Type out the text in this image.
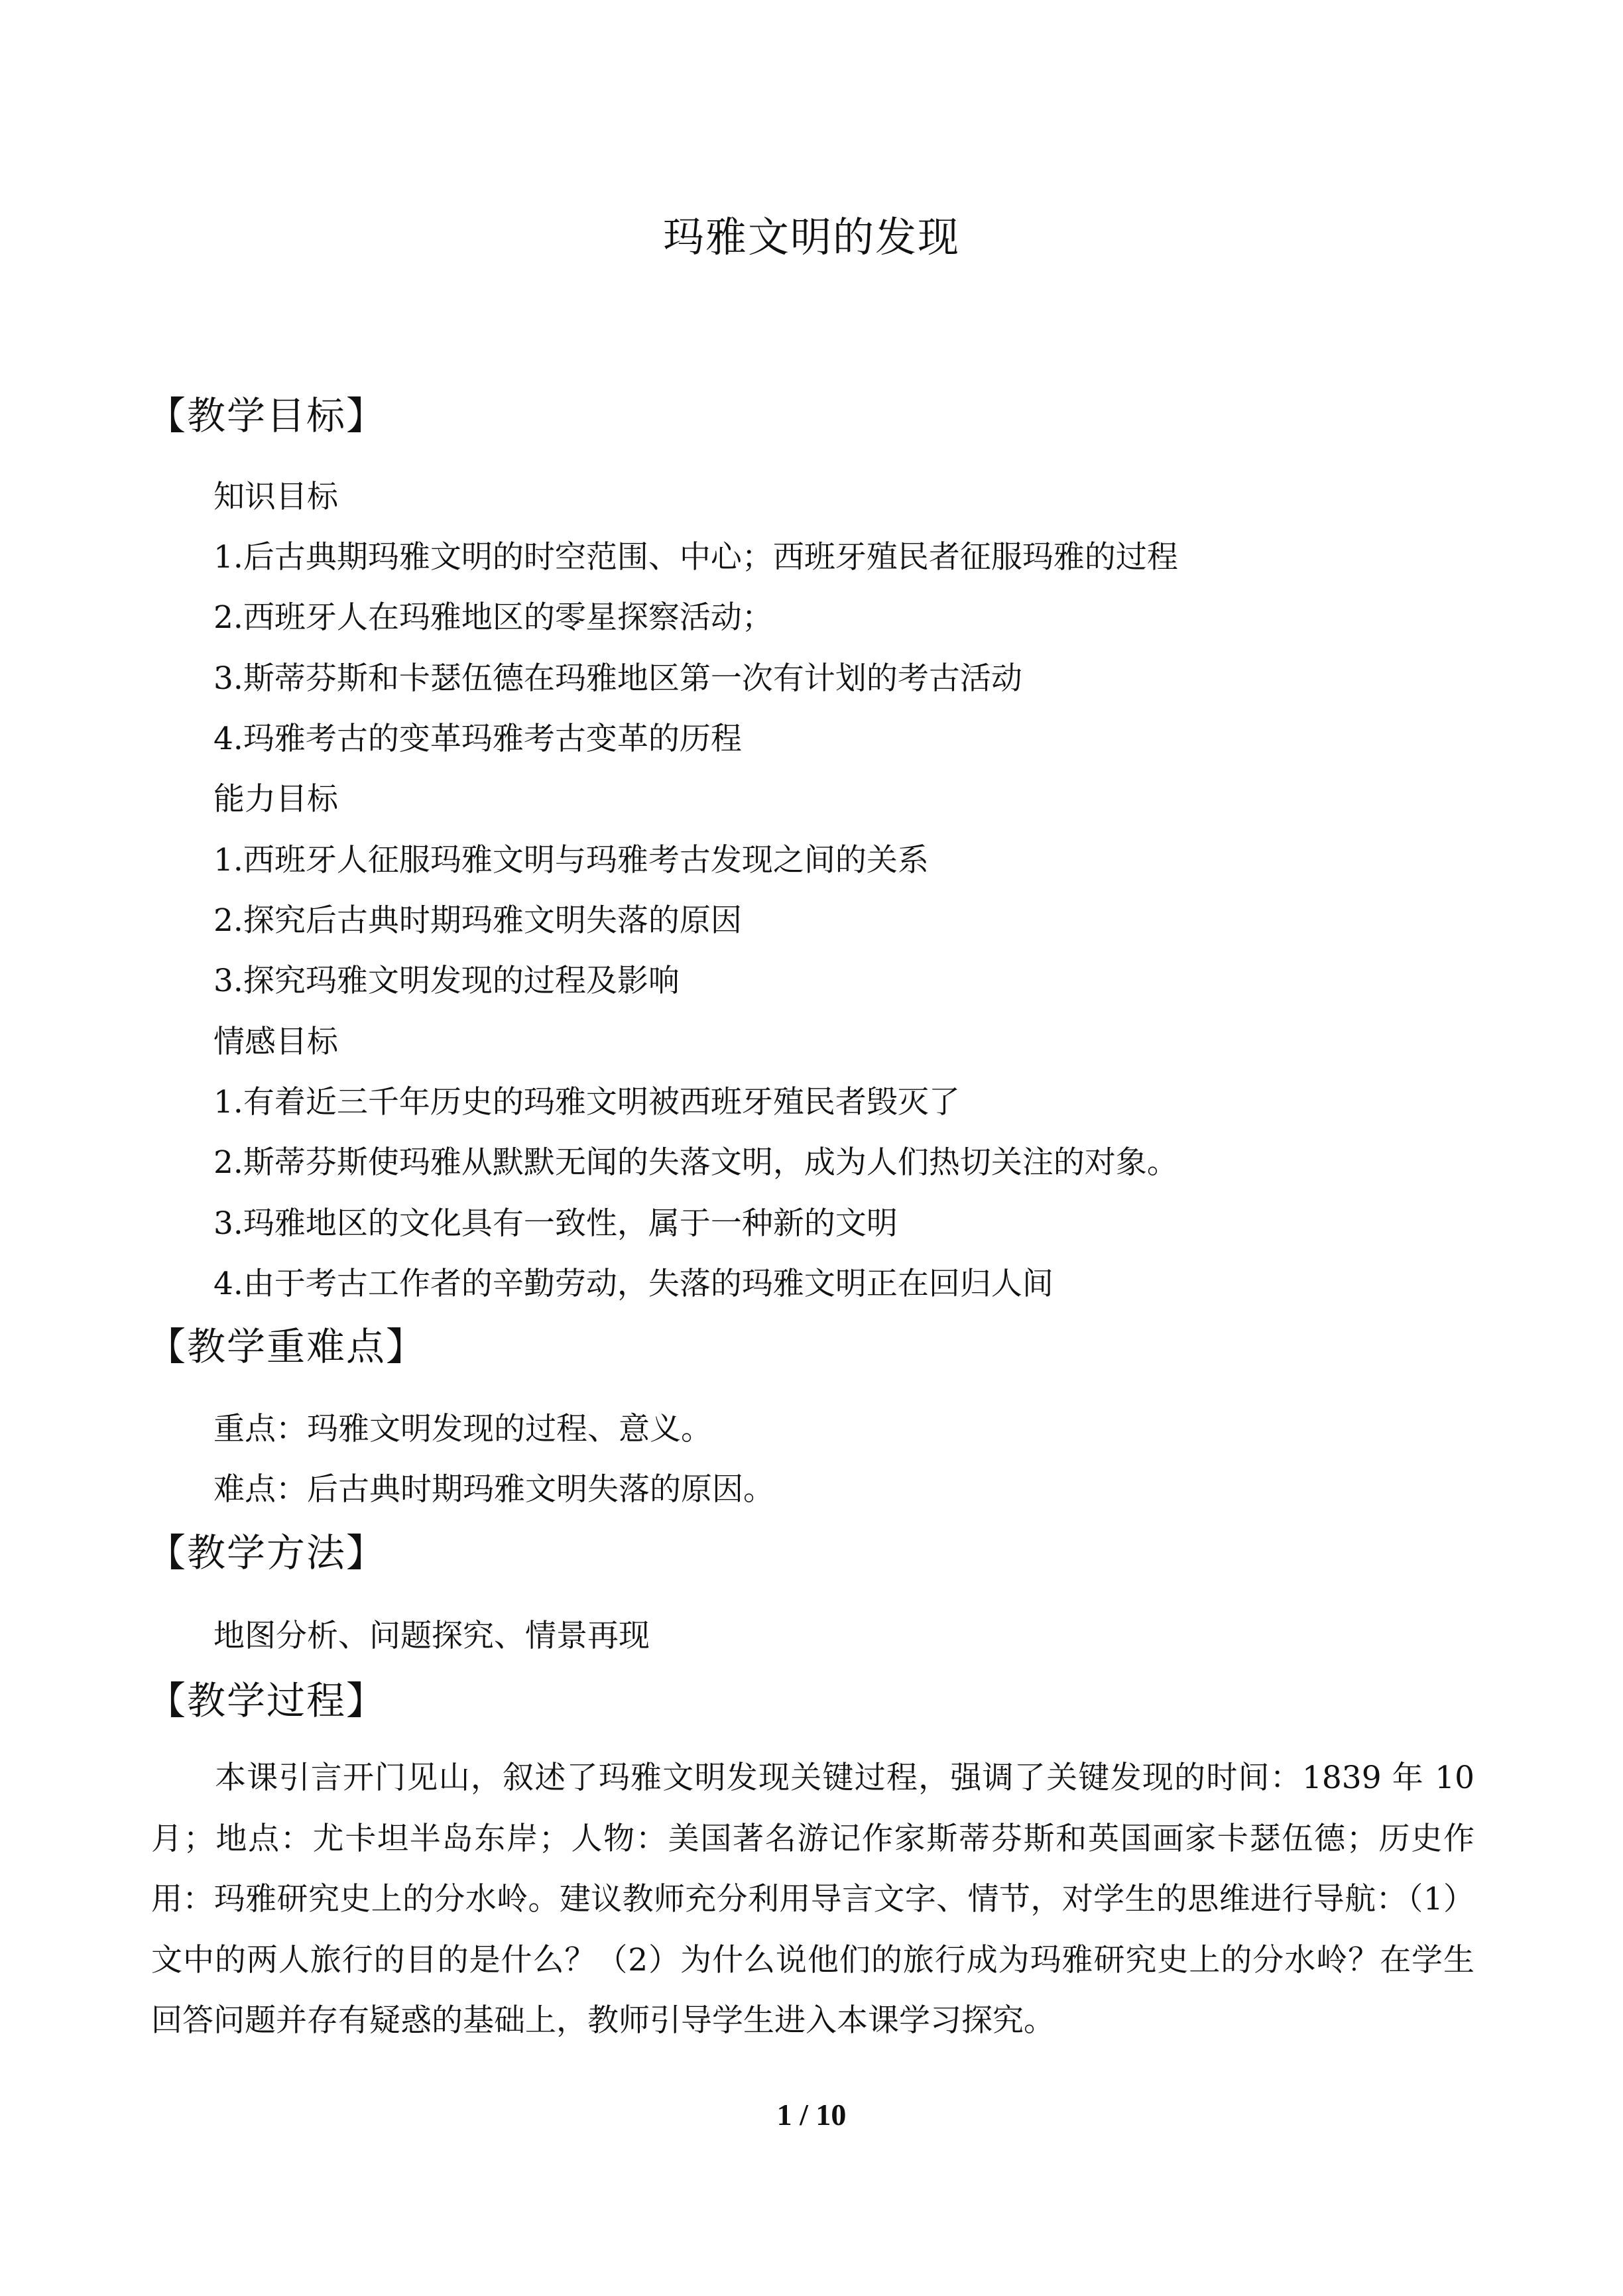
玛雅文明的发现
【教学目标】
知识目标
1.后古典期玛雅文明的时空范围、中心；西班牙殖民者征服玛雅的过程
2.西班牙人在玛雅地区的零星探察活动；
3.斯蒂芬斯和卡瑟伍德在玛雅地区第一次有计划的考古活动
4.玛雅考古的变革玛雅考古变革的历程
能力目标
1.西班牙人征服玛雅文明与玛雅考古发现之间的关系
2.探究后古典时期玛雅文明失落的原因
3.探究玛雅文明发现的过程及影响
情感目标
1.有着近三千年历史的玛雅文明被西班牙殖民者毁灭了
2.斯蒂芬斯使玛雅从默默无闻的失落文明，成为人们热切关注的对象。
3.玛雅地区的文化具有一致性，属于一种新的文明
4.由于考古工作者的辛勤劳动，失落的玛雅文明正在回归人间
【教学重难点】
重点：玛雅文明发现的过程、意义。
难点：后古典时期玛雅文明失落的原因。
【教学方法】
地图分析、问题探究、情景再现
【教学过程】

本课引言开门见山，叙述了玛雅文明发现关键过程，强调了关键发现的时间：1839 年 10 月；地点：尤卡坦半岛东岸；人物：美国著名游记作家斯蒂芬斯和英国画家卡瑟伍德；历史作用：玛雅研究史上的分水岭。建议教师充分利用导言文字、情节，对学生的思维进行导航：（1）文中的两人旅行的目的是什么？（2）为什么说他们的旅行成为玛雅研究史上的分水岭？在学生回答问题并存有疑惑的基础上，教师引导学生进入本课学习探究。

1 / 10
